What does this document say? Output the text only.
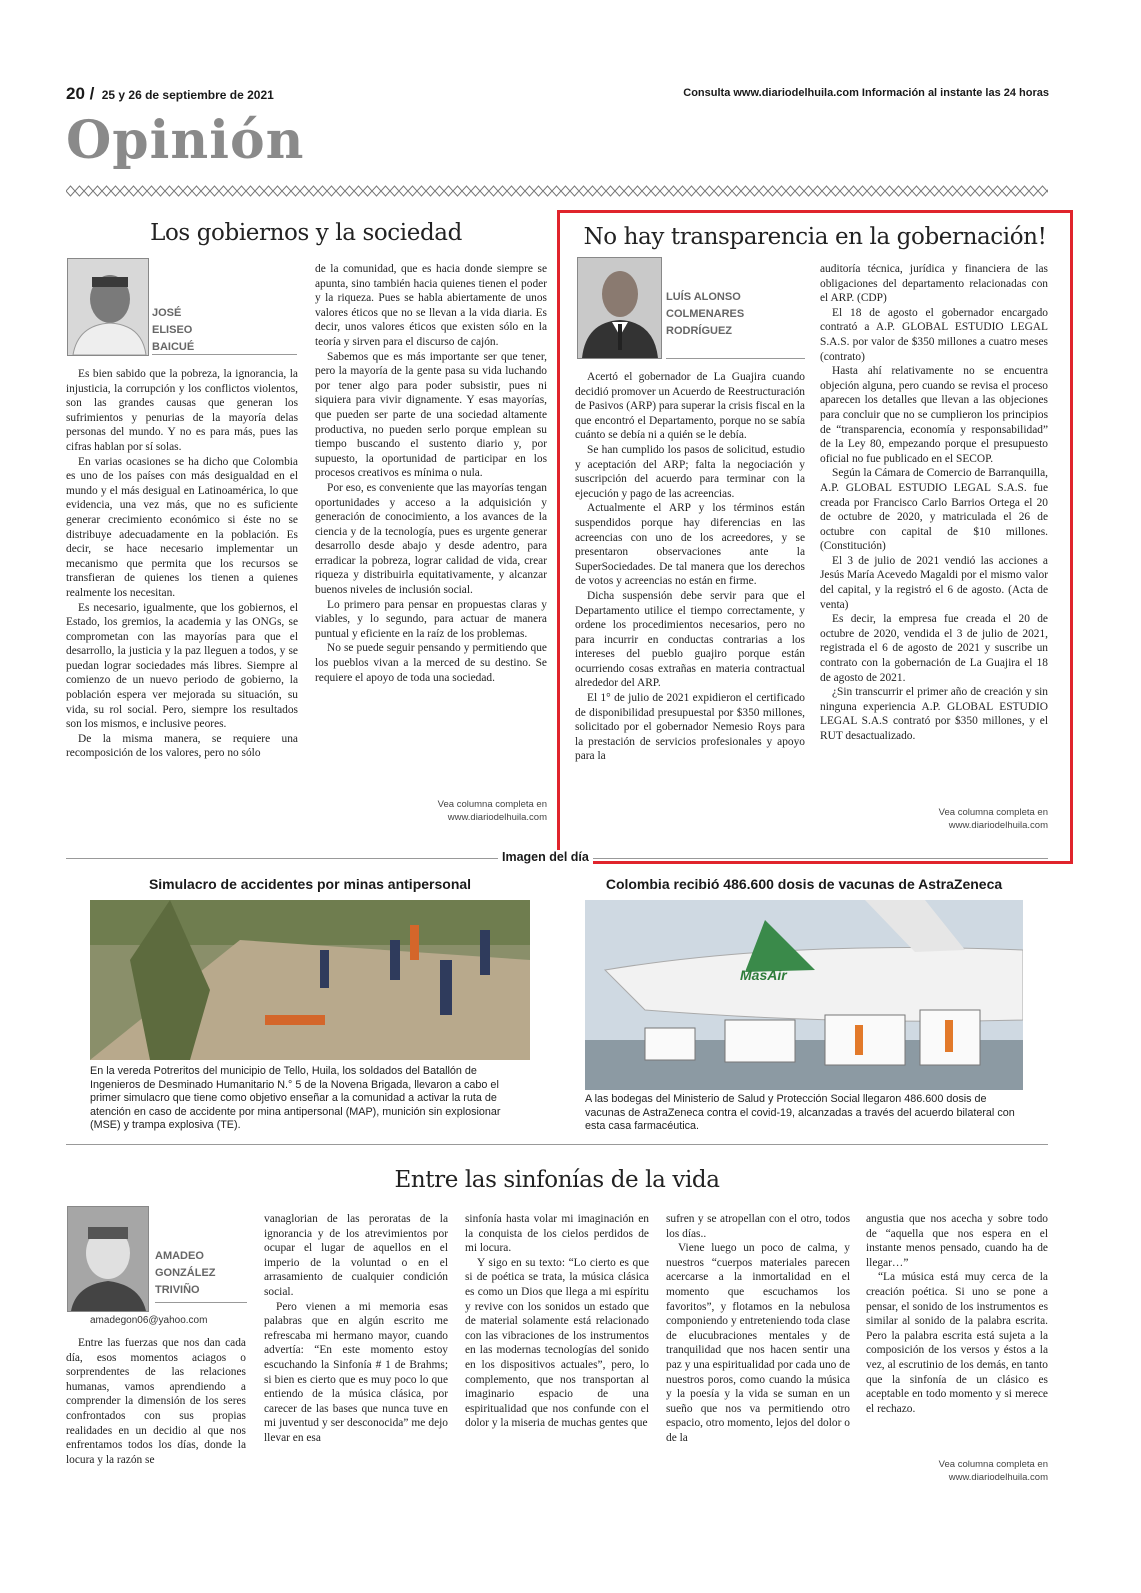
20 / 25 y 26 de septiembre de 2021	Consulta www.diariodelhuila.com Información al instante las 24 horas
Opinión
Los gobiernos y la sociedad
JOSÉ
ELISEO
BAICUÉ

Es bien sabido que la pobreza, la ignorancia, la injusticia, la corrupción y los conflictos violentos, son las grandes causas que generan los sufrimientos y penurias de la mayoría delas personas del mundo. Y no es para más, pues las cifras hablan por sí solas.

En varias ocasiones se ha dicho que Colombia es uno de los países con más desigualdad en el mundo y el más desigual en Latinoamérica, lo que evidencia, una vez más, que no es suficiente generar crecimiento económico si éste no se distribuye adecuadamente en la población. Es decir, se hace necesario implementar un mecanismo que permita que los recursos se transfieran de quienes los tienen a quienes realmente los necesitan.

Es necesario, igualmente, que los gobiernos, el Estado, los gremios, la academia y las ONGs, se comprometan con las mayorías para que el desarrollo, la justicia y la paz lleguen a todos, y se puedan lograr sociedades más libres. Siempre al comienzo de un nuevo periodo de gobierno, la población espera ver mejorada su situación, su vida, su rol social. Pero, siempre los resultados son los mismos, e inclusive peores.

De la misma manera, se requiere una recomposición de los valores, pero no sólo

de la comunidad, que es hacia donde siempre se apunta, sino también hacia quienes tienen el poder y la riqueza. Pues se habla abiertamente de unos valores éticos que no se llevan a la vida diaria. Es decir, unos valores éticos que existen sólo en la teoría y sirven para el discurso de cajón.

Sabemos que es más importante ser que tener, pero la mayoría de la gente pasa su vida luchando por tener algo para poder subsistir, pues ni siquiera para vivir dignamente. Y esas mayorías, que pueden ser parte de una sociedad altamente productiva, no pueden serlo porque emplean su tiempo buscando el sustento diario y, por supuesto, la oportunidad de participar en los procesos creativos es mínima o nula.

Por eso, es conveniente que las mayorías tengan oportunidades y acceso a la adquisición y generación de conocimiento, a los avances de la ciencia y de la tecnología, pues es urgente generar desarrollo desde abajo y desde adentro, para erradicar la pobreza, lograr calidad de vida, crear riqueza y distribuirla equitativamente, y alcanzar buenos niveles de inclusión social.

Lo primero para pensar en propuestas claras y viables, y lo segundo, para actuar de manera puntual y eficiente en la raíz de los problemas.

No se puede seguir pensando y permitiendo que los pueblos vivan a la merced de su destino. Se requiere el apoyo de toda una sociedad.

Vea columna completa en
www.diariodelhuila.com
No hay transparencia en la gobernación!
LUÍS ALONSO
COLMENARES
RODRÍGUEZ

Acertó el gobernador de La Guajira cuando decidió promover un Acuerdo de Reestructuración de Pasivos (ARP) para superar la crisis fiscal en la que encontró el Departamento, porque no se sabía cuánto se debía ni a quién se le debía.

Se han cumplido los pasos de solicitud, estudio y aceptación del ARP; falta la negociación y suscripción del acuerdo para terminar con la ejecución y pago de las acreencias.

Actualmente el ARP y los términos están suspendidos porque hay diferencias en las acreencias con uno de los acreedores, y se presentaron observaciones ante la SuperSociedades. De tal manera que los derechos de votos y acreencias no están en firme.

Dicha suspensión debe servir para que el Departamento utilice el tiempo correctamente, y ordene los procedimientos necesarios, pero no para incurrir en conductas contrarias a los intereses del pueblo guajiro porque están ocurriendo cosas extrañas en materia contractual alrededor del ARP.

El 1° de julio de 2021 expidieron el certificado de disponibilidad presupuestal por $350 millones, solicitado por el gobernador Nemesio Roys para la prestación de servicios profesionales y apoyo para la

auditoría técnica, jurídica y financiera de las obligaciones del departamento relacionadas con el ARP. (CDP)

El 18 de agosto el gobernador encargado contrató a A.P. GLOBAL ESTUDIO LEGAL S.A.S. por valor de $350 millones a cuatro meses (contrato)

Hasta ahí relativamente no se encuentra objeción alguna, pero cuando se revisa el proceso aparecen los detalles que llevan a las objeciones para concluir que no se cumplieron los principios de “transparencia, economía y responsabilidad” de la Ley 80, empezando porque el presupuesto oficial no fue publicado en el SECOP.

Según la Cámara de Comercio de Barranquilla, A.P. GLOBAL ESTUDIO LEGAL S.A.S. fue creada por Francisco Carlo Barrios Ortega el 20 de octubre de 2020, y matriculada el 26 de octubre con capital de $10 millones. (Constitución)

El 3 de julio de 2021 vendió las acciones a Jesús María Acevedo Magaldi por el mismo valor del capital, y la registró el 6 de agosto. (Acta de venta)

Es decir, la empresa fue creada el 20 de octubre de 2020, vendida el 3 de julio de 2021, registrada el 6 de agosto de 2021 y suscribe un contrato con la gobernación de La Guajira el 18 de agosto de 2021.

¿Sin transcurrir el primer año de creación y sin ninguna experiencia A.P. GLOBAL ESTUDIO LEGAL S.A.S contrató por $350 millones, y el RUT desactualizado.

Vea columna completa en
www.diariodelhuila.com
Imagen del día
Simulacro de accidentes por minas antipersonal
En la vereda Potreritos del municipio de Tello, Huila, los soldados del Batallón de Ingenieros de Desminado Humanitario N.° 5 de la Novena Brigada, llevaron a cabo el primer simulacro que tiene como objetivo enseñar a la comunidad a activar la ruta de atención en caso de accidente por mina antipersonal (MAP), munición sin explosionar (MSE) y trampa explosiva (TE).
Colombia recibió 486.600 dosis de vacunas de AstraZeneca
MasAir
A las bodegas del Ministerio de Salud y Protección Social llegaron 486.600 dosis de vacunas de AstraZeneca contra el covid-19, alcanzadas a través del acuerdo bilateral con esta casa farmacéutica.
Entre las sinfonías de la vida
AMADEO
GONZÁLEZ
TRIVIÑO
amadegon06@yahoo.com

Entre las fuerzas que nos dan cada día, esos momentos aciagos o sorprendentes de las relaciones humanas, vamos aprendiendo a comprender la dimensión de los seres confrontados con sus propias realidades en un decidio al que nos enfrentamos todos los días, donde la locura y la razón se

vanaglorian de las peroratas de la ignorancia y de los atrevimientos por ocupar el lugar de aquellos en el imperio de la voluntad o en el arrasamiento de cualquier condición social.

Pero vienen a mi memoria esas palabras que en algún escrito me refrescaba mi hermano mayor, cuando advertía: “En este momento estoy escuchando la Sinfonía # 1 de Brahms; si bien es cierto que es muy poco lo que entiendo de la música clásica, por carecer de las bases que nunca tuve en mi juventud y ser desconocida” me dejo llevar en esa

sinfonía hasta volar mi imaginación en la conquista de los cielos perdidos de mi locura.

Y sigo en su texto: “Lo cierto es que si de poética se trata, la música clásica es como un Dios que llega a mi espíritu y revive con los sonidos un estado que de material solamente está relacionado con las vibraciones de los instrumentos en las modernas tecnologías del sonido en los dispositivos actuales”, pero, lo complemento, que nos transportan al imaginario espacio de una espiritualidad que nos confunde con el dolor y la miseria de muchas gentes que

sufren y se atropellan con el otro, todos los días..

Viene luego un poco de calma, y nuestros “cuerpos materiales parecen acercarse a la inmortalidad en el momento que escuchamos los favoritos”, y flotamos en la nebulosa componiendo y entreteniendo toda clase de elucubraciones mentales y de tranquilidad que nos hacen sentir una paz y una espiritualidad por cada uno de nuestros poros, como cuando la música y la poesía y la vida se suman en un sueño que nos va permitiendo otro espacio, otro momento, lejos del dolor o de la

angustia que nos acecha y sobre todo de “aquella que nos espera en el instante menos pensado, cuando ha de llegar…”

“La música está muy cerca de la creación poética. Si uno se pone a pensar, el sonido de los instrumentos es similar al sonido de la palabra escrita. Pero la palabra escrita está sujeta a la composición de los versos y éstos a la vez, al escrutinio de los demás, en tanto que la sinfonía de un clásico es aceptable en todo momento y si merece el rechazo.

Vea columna completa en
www.diariodelhuila.com
